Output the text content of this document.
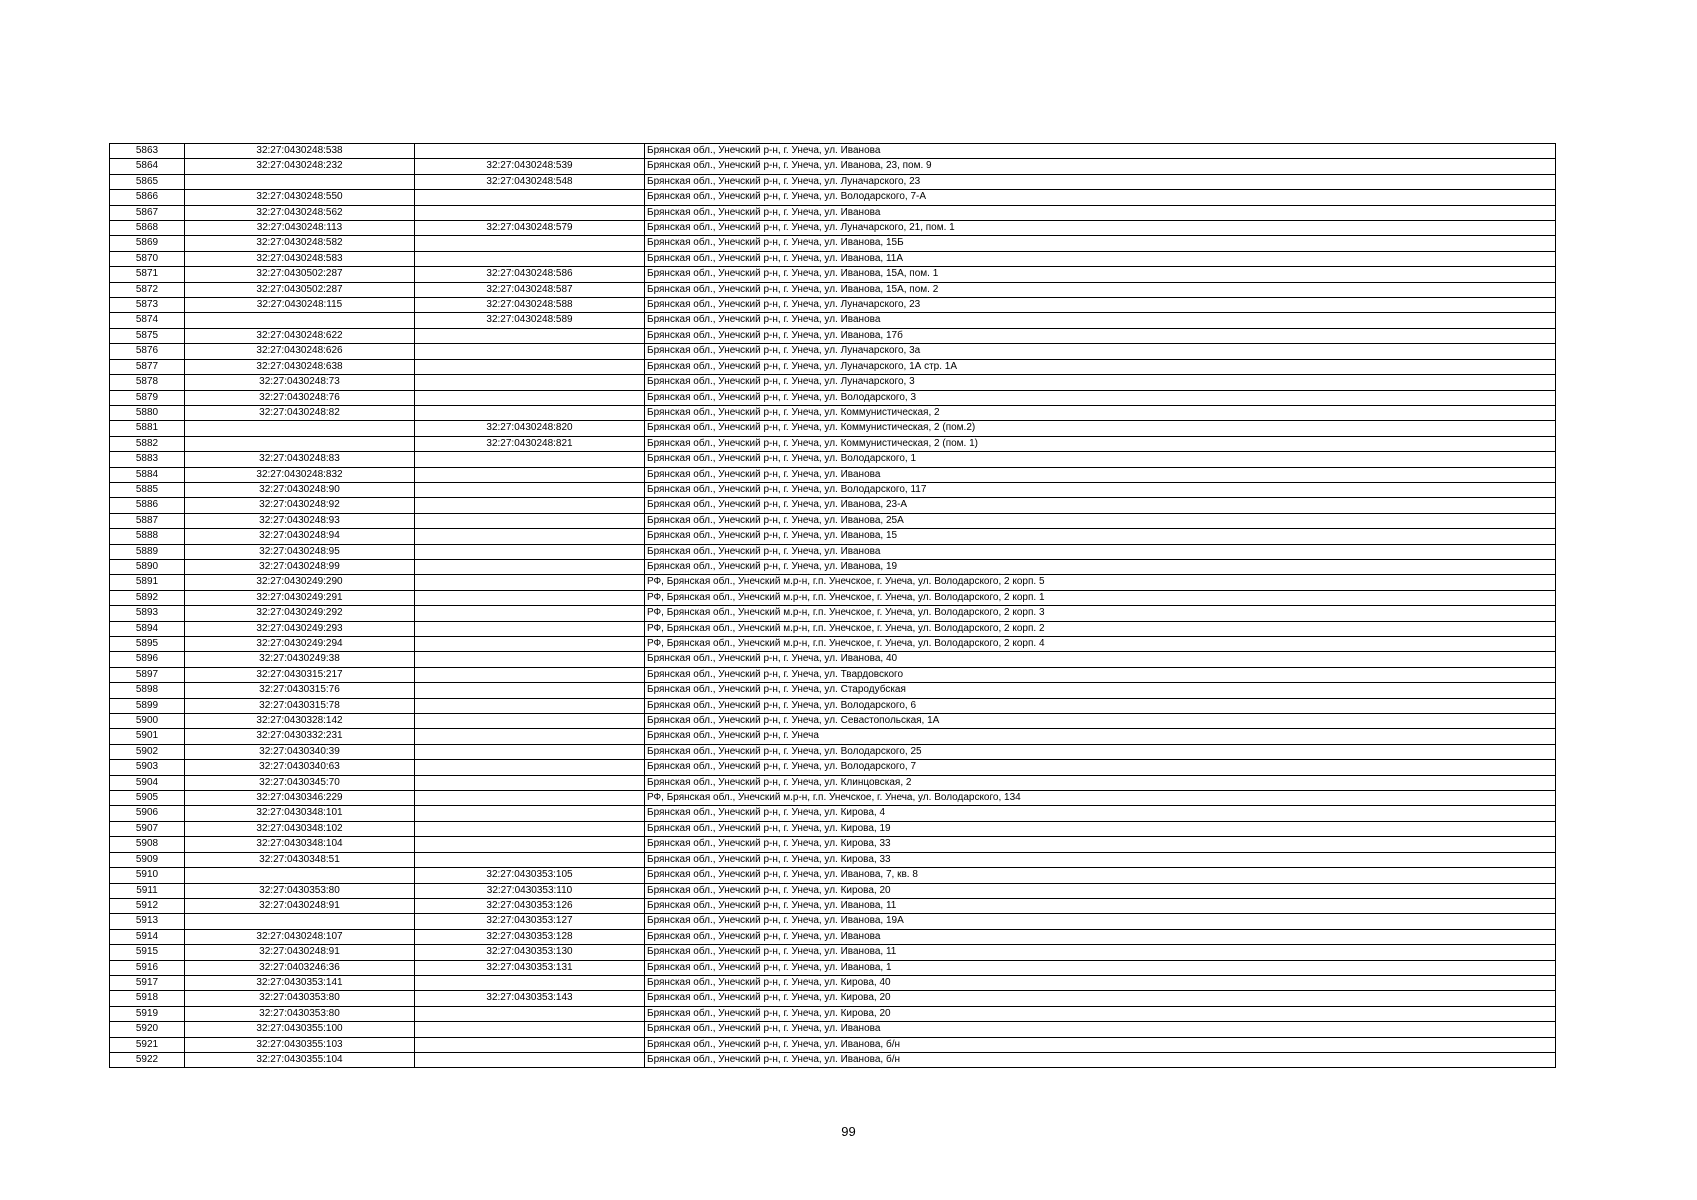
5863	32:27:0430248:538		Брянская обл., Унечский р-н, г. Унеча, ул. Иванова
5864	32:27:0430248:232	32:27:0430248:539	Брянская обл., Унечский р-н, г. Унеча, ул. Иванова, 23, пом. 9
5865		32:27:0430248:548	Брянская обл., Унечский р-н, г. Унеча, ул. Луначарского, 23
5866	32:27:0430248:550		Брянская обл., Унечский р-н, г. Унеча, ул. Володарского, 7-А
5867	32:27:0430248:562		Брянская обл., Унечский р-н, г. Унеча, ул. Иванова
5868	32:27:0430248:113	32:27:0430248:579	Брянская обл., Унечский р-н, г. Унеча, ул. Луначарского, 21, пом. 1
5869	32:27:0430248:582		Брянская обл., Унечский р-н, г. Унеча, ул. Иванова, 15Б
5870	32:27:0430248:583		Брянская обл., Унечский р-н, г. Унеча, ул. Иванова, 11А
5871	32:27:0430502:287	32:27:0430248:586	Брянская обл., Унечский р-н, г. Унеча, ул. Иванова, 15А, пом. 1
5872	32:27:0430502:287	32:27:0430248:587	Брянская обл., Унечский р-н, г. Унеча, ул. Иванова, 15А, пом. 2
5873	32:27:0430248:115	32:27:0430248:588	Брянская обл., Унечский р-н, г. Унеча, ул. Луначарского, 23
5874		32:27:0430248:589	Брянская обл., Унечский р-н, г. Унеча, ул. Иванова
5875	32:27:0430248:622		Брянская обл., Унечский р-н, г. Унеча, ул. Иванова, 17б
5876	32:27:0430248:626		Брянская обл., Унечский р-н, г. Унеча, ул. Луначарского, 3а
5877	32:27:0430248:638		Брянская обл., Унечский р-н, г. Унеча, ул. Луначарского, 1А стр. 1А
5878	32:27:0430248:73		Брянская обл., Унечский р-н, г. Унеча, ул. Луначарского, 3
5879	32:27:0430248:76		Брянская обл., Унечский р-н, г. Унеча, ул. Володарского, 3
5880	32:27:0430248:82		Брянская обл., Унечский р-н, г. Унеча, ул. Коммунистическая, 2
5881		32:27:0430248:820	Брянская обл., Унечский р-н, г. Унеча, ул. Коммунистическая, 2 (пом.2)
5882		32:27:0430248:821	Брянская обл., Унечский р-н, г. Унеча, ул. Коммунистическая, 2 (пом. 1)
5883	32:27:0430248:83		Брянская обл., Унечский р-н, г. Унеча, ул. Володарского, 1
5884	32:27:0430248:832		Брянская обл., Унечский р-н, г. Унеча, ул. Иванова
5885	32:27:0430248:90		Брянская обл., Унечский р-н, г. Унеча, ул. Володарского, 117
5886	32:27:0430248:92		Брянская обл., Унечский р-н, г. Унеча, ул. Иванова, 23-А
5887	32:27:0430248:93		Брянская обл., Унечский р-н, г. Унеча, ул. Иванова, 25А
5888	32:27:0430248:94		Брянская обл., Унечский р-н, г. Унеча, ул. Иванова, 15
5889	32:27:0430248:95		Брянская обл., Унечский р-н, г. Унеча, ул. Иванова
5890	32:27:0430248:99		Брянская обл., Унечский р-н, г. Унеча, ул. Иванова, 19
5891	32:27:0430249:290		РФ, Брянская обл., Унечский м.р-н, г.п. Унечское, г. Унеча, ул. Володарского, 2 корп. 5
5892	32:27:0430249:291		РФ, Брянская обл., Унечский м.р-н, г.п. Унечское, г. Унеча, ул. Володарского, 2 корп. 1
5893	32:27:0430249:292		РФ, Брянская обл., Унечский м.р-н, г.п. Унечское, г. Унеча, ул. Володарского, 2 корп. 3
5894	32:27:0430249:293		РФ, Брянская обл., Унечский м.р-н, г.п. Унечское, г. Унеча, ул. Володарского, 2 корп. 2
5895	32:27:0430249:294		РФ, Брянская обл., Унечский м.р-н, г.п. Унечское, г. Унеча, ул. Володарского, 2 корп. 4
5896	32:27:0430249:38		Брянская обл., Унечский р-н, г. Унеча, ул. Иванова, 40
5897	32:27:0430315:217		Брянская обл., Унечский р-н, г. Унеча, ул. Твардовского
5898	32:27:0430315:76		Брянская обл., Унечский р-н, г. Унеча, ул. Стародубская
5899	32:27:0430315:78		Брянская обл., Унечский р-н, г. Унеча, ул. Володарского, 6
5900	32:27:0430328:142		Брянская обл., Унечский р-н, г. Унеча, ул. Севастопольская, 1А
5901	32:27:0430332:231		Брянская обл., Унечский р-н, г. Унеча
5902	32:27:0430340:39		Брянская обл., Унечский р-н, г. Унеча, ул. Володарского, 25
5903	32:27:0430340:63		Брянская обл., Унечский р-н, г. Унеча, ул. Володарского, 7
5904	32:27:0430345:70		Брянская обл., Унечский р-н, г. Унеча, ул. Клинцовская, 2
5905	32:27:0430346:229		РФ, Брянская обл., Унечский м.р-н, г.п. Унечское, г. Унеча, ул. Володарского, 134
5906	32:27:0430348:101		Брянская обл., Унечский р-н, г. Унеча, ул. Кирова, 4
5907	32:27:0430348:102		Брянская обл., Унечский р-н, г. Унеча, ул. Кирова, 19
5908	32:27:0430348:104		Брянская обл., Унечский р-н, г. Унеча, ул. Кирова, 33
5909	32:27:0430348:51		Брянская обл., Унечский р-н, г. Унеча, ул. Кирова, 33
5910		32:27:0430353:105	Брянская обл., Унечский р-н, г. Унеча, ул. Иванова, 7, кв. 8
5911	32:27:0430353:80	32:27:0430353:110	Брянская обл., Унечский р-н, г. Унеча, ул. Кирова, 20
5912	32:27:0430248:91	32:27:0430353:126	Брянская обл., Унечский р-н, г. Унеча, ул. Иванова, 11
5913		32:27:0430353:127	Брянская обл., Унечский р-н, г. Унеча, ул. Иванова, 19А
5914	32:27:0430248:107	32:27:0430353:128	Брянская обл., Унечский р-н, г. Унеча, ул. Иванова
5915	32:27:0430248:91	32:27:0430353:130	Брянская обл., Унечский р-н, г. Унеча, ул. Иванова, 11
5916	32:27:0403246:36	32:27:0430353:131	Брянская обл., Унечский р-н, г. Унеча, ул. Иванова, 1
5917	32:27:0430353:141		Брянская обл., Унечский р-н, г. Унеча, ул. Кирова, 40
5918	32:27:0430353:80	32:27:0430353:143	Брянская обл., Унечский р-н, г. Унеча, ул. Кирова, 20
5919	32:27:0430353:80		Брянская обл., Унечский р-н, г. Унеча, ул. Кирова, 20
5920	32:27:0430355:100		Брянская обл., Унечский р-н, г. Унеча, ул. Иванова
5921	32:27:0430355:103		Брянская обл., Унечский р-н, г. Унеча, ул. Иванова, б/н
5922	32:27:0430355:104		Брянская обл., Унечский р-н, г. Унеча, ул. Иванова, б/н
99
